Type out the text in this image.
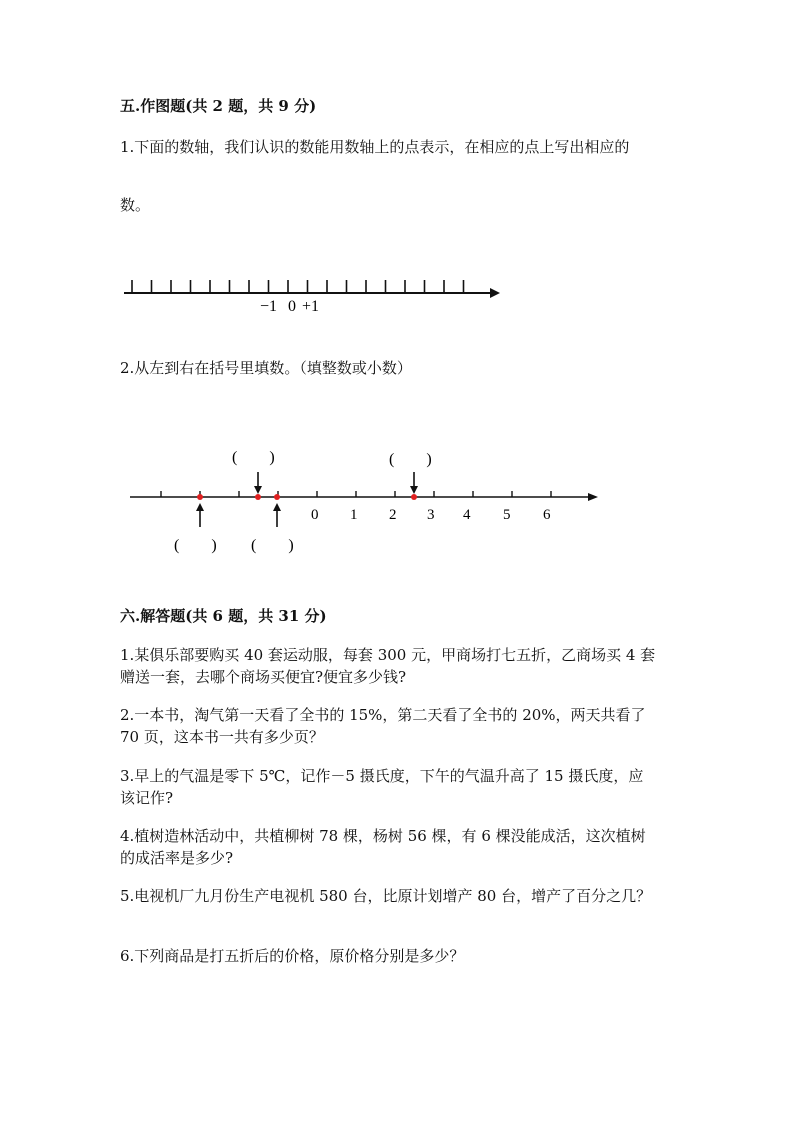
五.作图题(共 2 题，共 9 分)
1.下面的数轴，我们认识的数能用数轴上的点表示，在相应的点上写出相应的
数。
−1 0 +1
2.从左到右在括号里填数。（填整数或小数）
0 1 2 3 4 5 6
(        )	(        )
(        ) (        )
六.解答题(共 6 题，共 31 分)
1.某俱乐部要购买 40 套运动服，每套 300 元，甲商场打七五折，乙商场买 4 套
赠送一套，去哪个商场买便宜?便宜多少钱?
2.一本书，淘气第一天看了全书的 15%，第二天看了全书的 20%，两天共看了
70 页，这本书一共有多少页？
3.早上的气温是零下 5℃，记作－5 摄氏度，下午的气温升高了 15 摄氏度，应
该记作?
4.植树造林活动中，共植柳树 78 棵，杨树 56 棵，有 6 棵没能成活，这次植树
的成活率是多少?
5.电视机厂九月份生产电视机 580 台，比原计划增产 80 台，增产了百分之几？
6.下列商品是打五折后的价格，原价格分别是多少？
